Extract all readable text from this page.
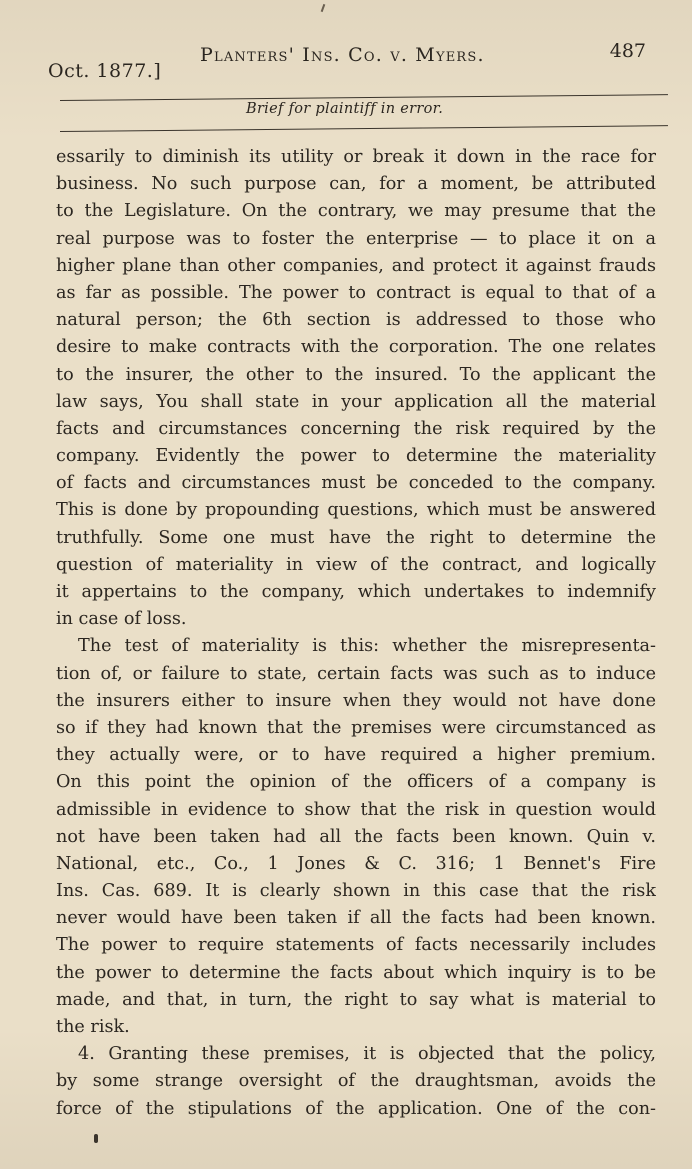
Oct. 1877.]
Planters' Ins. Co. v. Myers.	487
Brief for plaintiff in error.
essarily to diminish its utility or break it down in the race for
business. No such purpose can, for a moment, be attributed
to the Legislature. On the contrary, we may presume that the
real purpose was to foster the enterprise — to place it on a
higher plane than other companies, and protect it against frauds
as far as possible. The power to contract is equal to that of a
natural person; the 6th section is addressed to those who
desire to make contracts with the corporation. The one relates
to the insurer, the other to the insured. To the applicant the
law says, You shall state in your application all the material
facts and circumstances concerning the risk required by the
company. Evidently the power to determine the materiality
of facts and circumstances must be conceded to the company.
This is done by propounding questions, which must be answered
truthfully. Some one must have the right to determine the
question of materiality in view of the contract, and logically
it appertains to the company, which undertakes to indemnify
in case of loss.
The test of materiality is this: whether the misrepresenta-
tion of, or failure to state, certain facts was such as to induce
the insurers either to insure when they would not have done
so if they had known that the premises were circumstanced as
they actually were, or to have required a higher premium.
On this point the opinion of the officers of a company is
admissible in evidence to show that the risk in question would
not have been taken had all the facts been known. Quin v.
National, etc., Co., 1 Jones & C. 316; 1 Bennet's Fire
Ins. Cas. 689. It is clearly shown in this case that the risk
never would have been taken if all the facts had been known.
The power to require statements of facts necessarily includes
the power to determine the facts about which inquiry is to be
made, and that, in turn, the right to say what is material to
the risk.
4. Granting these premises, it is objected that the policy,
by some strange oversight of the draughtsman, avoids the
force of the stipulations of the application. One of the con-
